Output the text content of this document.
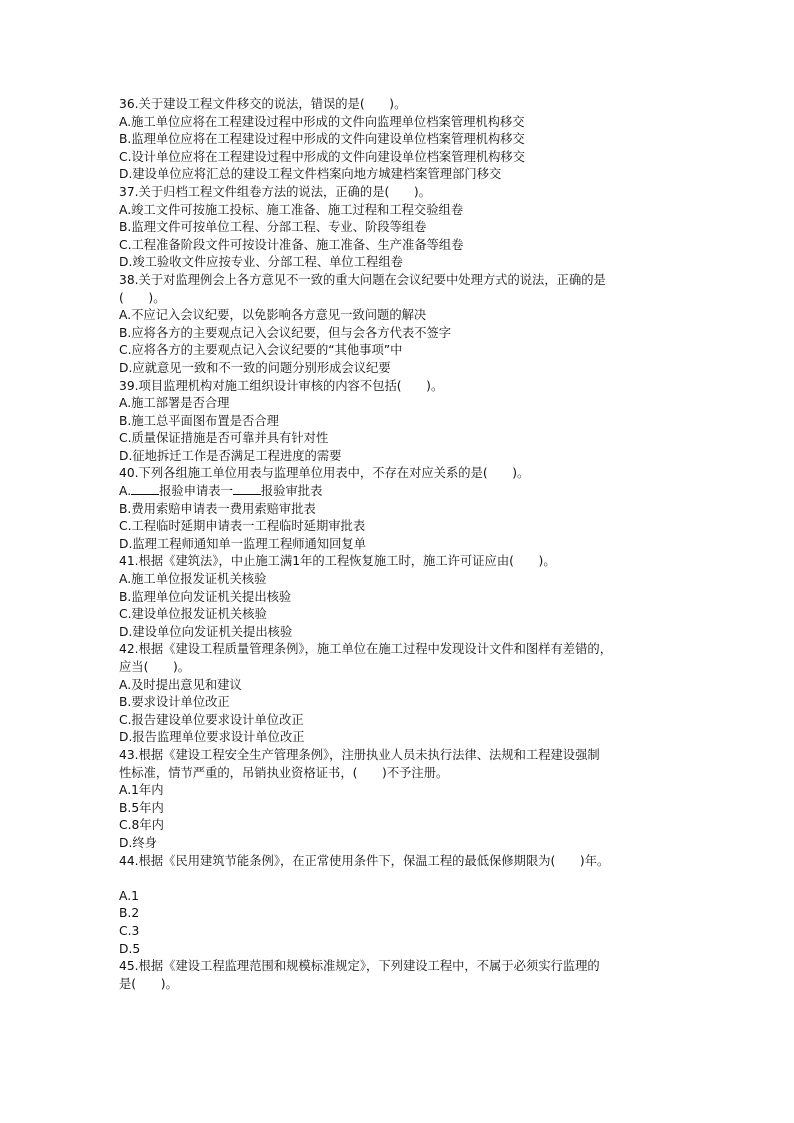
36.关于建设工程文件移交的说法，错误的是(　　)。
A.施工单位应将在工程建设过程中形成的文件向监理单位档案管理机构移交
B.监理单位应将在工程建设过程中形成的文件向建设单位档案管理机构移交
C.设计单位应将在工程建设过程中形成的文件向建设单位档案管理机构移交
D.建设单位应将汇总的建设工程文件档案向地方城建档案管理部门移交
37.关于归档工程文件组卷方法的说法，正确的是(　　)。
A.竣工文件可按施工投标、施工准备、施工过程和工程交验组卷
B.监理文件可按单位工程、分部工程、专业、阶段等组卷
C.工程准备阶段文件可按设计准备、施工准备、生产准备等组卷
D.竣工验收文件应按专业、分部工程、单位工程组卷
38.关于对监理例会上各方意见不一致的重大问题在会议纪要中处理方式的说法，正确的是
(　　)。
A.不应记入会议纪要，以免影响各方意见一致问题的解决
B.应将各方的主要观点记入会议纪要，但与会各方代表不签字
C.应将各方的主要观点记入会议纪要的“其他事项”中
D.应就意见一致和不一致的问题分别形成会议纪要
39.项目监理机构对施工组织设计审核的内容不包括(　　)。
A.施工部署是否合理
B.施工总平面图布置是否合理
C.质量保证措施是否可靠并具有针对性
D.征地拆迁工作是否满足工程进度的需要
40.下列各组施工单位用表与监理单位用表中，不存在对应关系的是(　　)。
A. 报验申请表一 报验审批表
B.费用索赔申请表一费用索赔审批表
C.工程临时延期申请表一工程临时延期审批表
D.监理工程师通知单一监理工程师通知回复单
41.根据《建筑法》，中止施工满1年的工程恢复施工时，施工许可证应由(　　)。
A.施工单位报发证机关核验
B.监理单位向发证机关提出核验
C.建设单位报发证机关核验
D.建设单位向发证机关提出核验
42.根据《建设工程质量管理条例》，施工单位在施工过程中发现设计文件和图样有差错的，
应当(　　)。
A.及时提出意见和建议
B.要求设计单位改正
C.报告建设单位要求设计单位改正
D.报告监理单位要求设计单位改正
43.根据《建设工程安全生产管理条例》，注册执业人员未执行法律、法规和工程建设强制
性标准，情节严重的，吊销执业资格证书，(　　)不予注册。
A.1年内
B.5年内
C.8年内
D.终身
44.根据《民用建筑节能条例》，在正常使用条件下，保温工程的最低保修期限为(　　)年。
A.1
B.2
C.3
D.5
45.根据《建设工程监理范围和规模标准规定》，下列建设工程中，不属于必须实行监理的
是(　　)。
